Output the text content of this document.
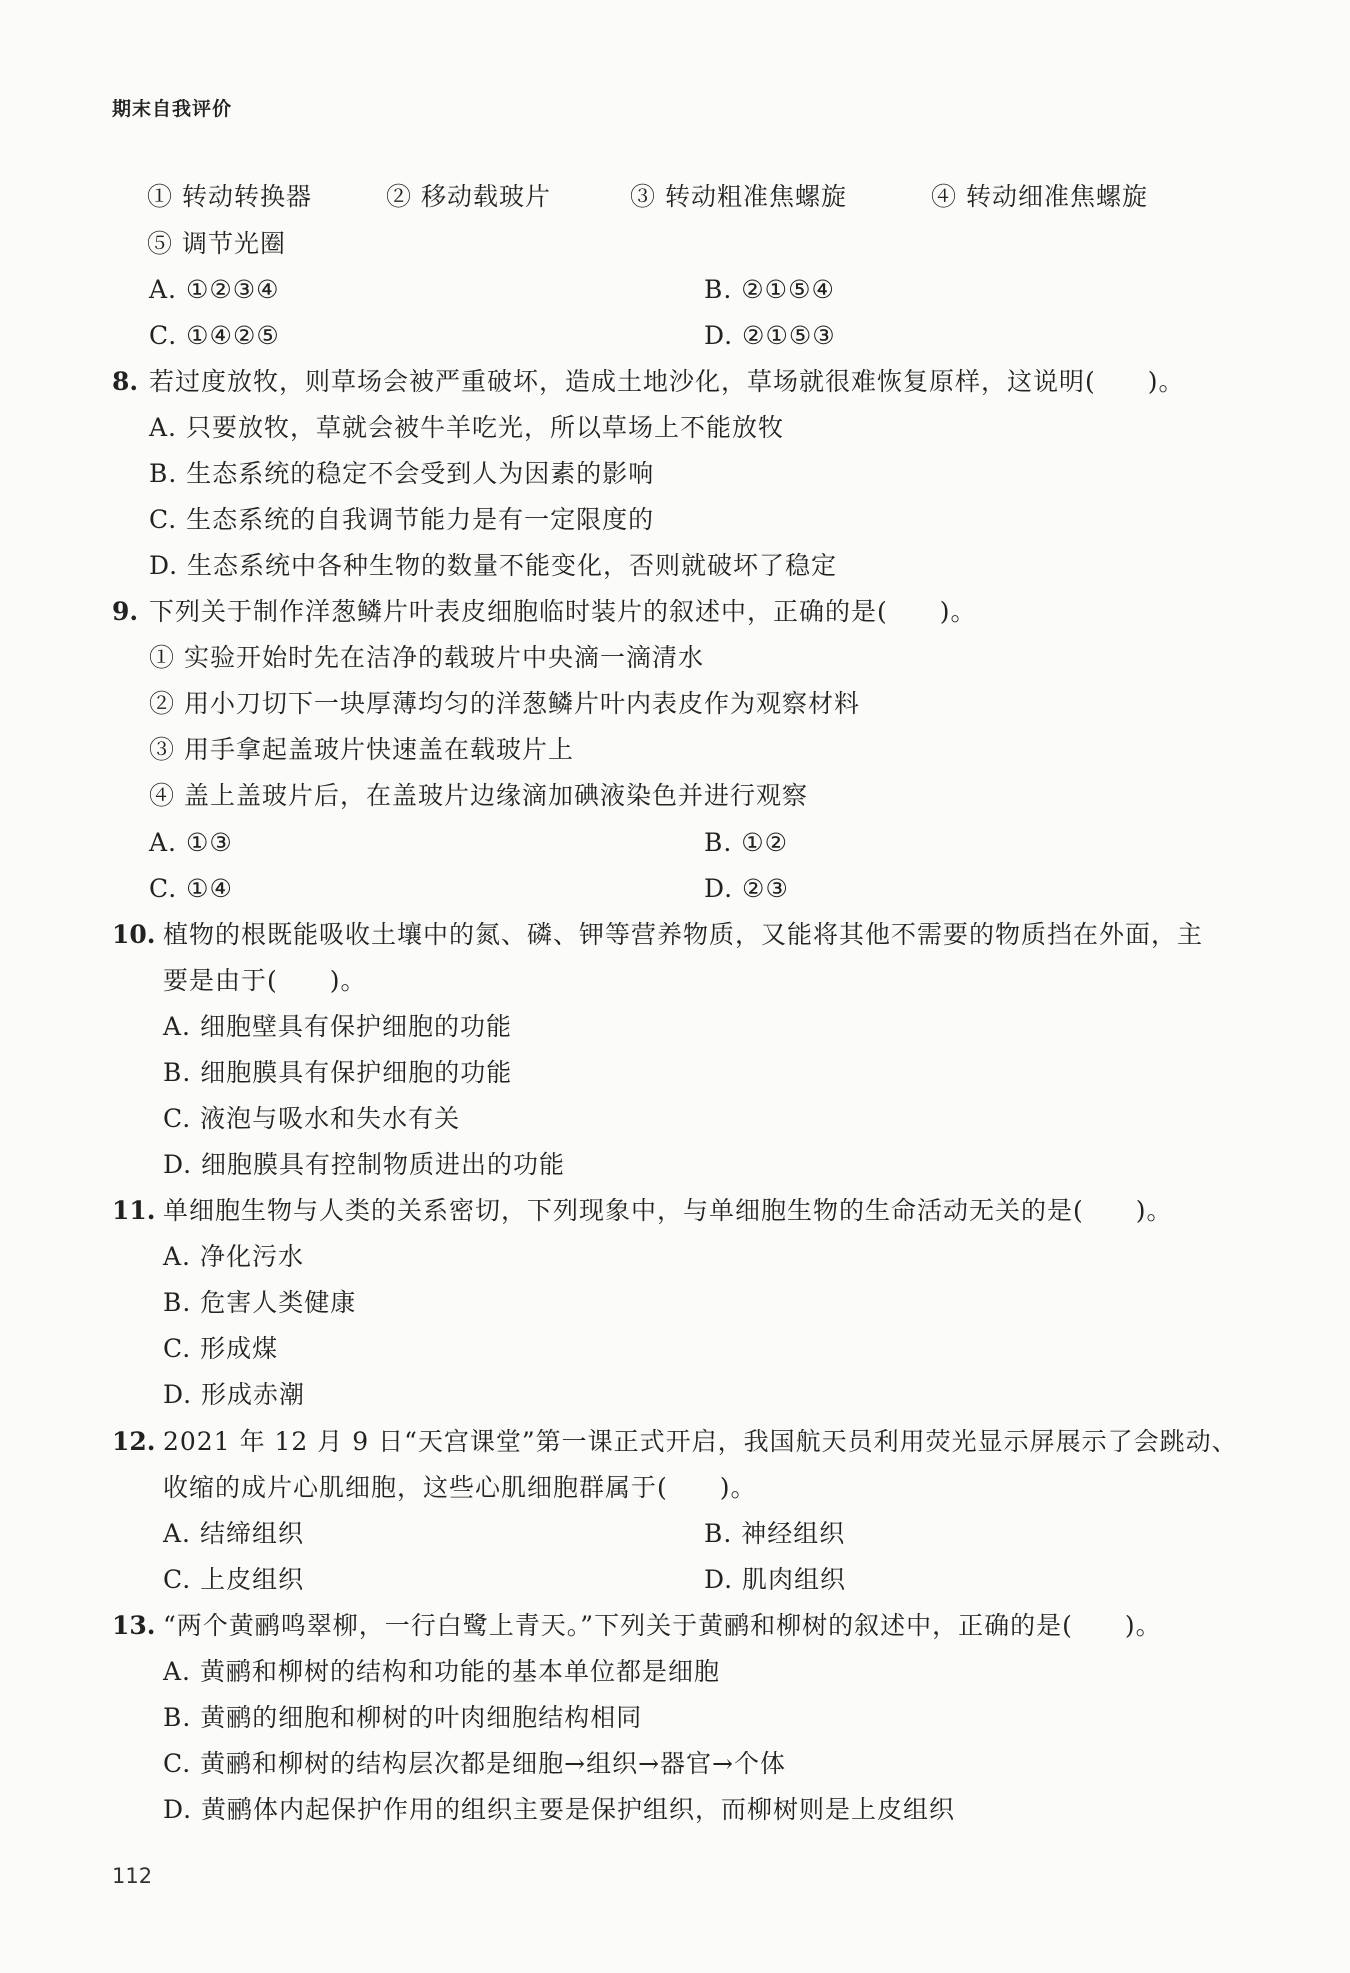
期末自我评价
① 转动转换器	② 移动载玻片	③ 转动粗准焦螺旋	④ 转动细准焦螺旋
⑤ 调节光圈
A. ①②③④	B. ②①⑤④
C. ①④②⑤	D. ②①⑤③
8. 若过度放牧，则草场会被严重破坏，造成土地沙化，草场就很难恢复原样，这说明(　　)。
A. 只要放牧，草就会被牛羊吃光，所以草场上不能放牧
B. 生态系统的稳定不会受到人为因素的影响
C. 生态系统的自我调节能力是有一定限度的
D. 生态系统中各种生物的数量不能变化，否则就破坏了稳定
9. 下列关于制作洋葱鳞片叶表皮细胞临时装片的叙述中，正确的是(　　)。
① 实验开始时先在洁净的载玻片中央滴一滴清水
② 用小刀切下一块厚薄均匀的洋葱鳞片叶内表皮作为观察材料
③ 用手拿起盖玻片快速盖在载玻片上
④ 盖上盖玻片后，在盖玻片边缘滴加碘液染色并进行观察
A. ①③	B. ①②
C. ①④	D. ②③
10. 植物的根既能吸收土壤中的氮、磷、钾等营养物质，又能将其他不需要的物质挡在外面，主
要是由于(　　)。
A. 细胞壁具有保护细胞的功能
B. 细胞膜具有保护细胞的功能
C. 液泡与吸水和失水有关
D. 细胞膜具有控制物质进出的功能
11. 单细胞生物与人类的关系密切，下列现象中，与单细胞生物的生命活动无关的是(　　)。
A. 净化污水
B. 危害人类健康
C. 形成煤
D. 形成赤潮
12. 2021 年 12 月 9 日“天宫课堂”第一课正式开启，我国航天员利用荧光显示屏展示了会跳动、
收缩的成片心肌细胞，这些心肌细胞群属于(　　)。
A. 结缔组织	B. 神经组织
C. 上皮组织	D. 肌肉组织
13. “两个黄鹂鸣翠柳，一行白鹭上青天。”下列关于黄鹂和柳树的叙述中，正确的是(　　)。
A. 黄鹂和柳树的结构和功能的基本单位都是细胞
B. 黄鹂的细胞和柳树的叶肉细胞结构相同
C. 黄鹂和柳树的结构层次都是细胞→组织→器官→个体
D. 黄鹂体内起保护作用的组织主要是保护组织，而柳树则是上皮组织
112
